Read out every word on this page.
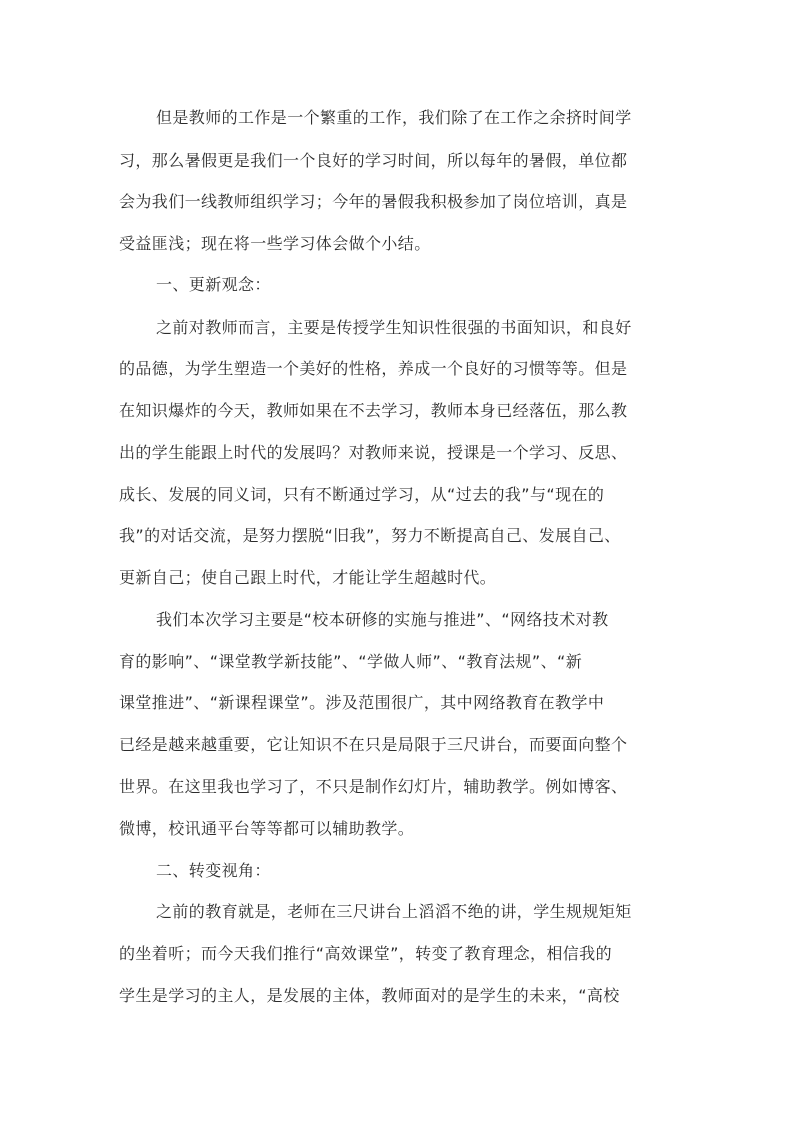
但是教师的工作是一个繁重的工作，我们除了在工作之余挤时间学
习，那么暑假更是我们一个良好的学习时间，所以每年的暑假，单位都
会为我们一线教师组织学习；今年的暑假我积极参加了岗位培训，真是
受益匪浅；现在将一些学习体会做个小结。
一、更新观念：
之前对教师而言，主要是传授学生知识性很强的书面知识，和良好
的品德，为学生塑造一个美好的性格，养成一个良好的习惯等等。但是
在知识爆炸的今天，教师如果在不去学习，教师本身已经落伍，那么教
出的学生能跟上时代的发展吗？对教师来说，授课是一个学习、反思、
成长、发展的同义词，只有不断通过学习，从“过去的我”与“现在的
我”的对话交流，是努力摆脱“旧我”，努力不断提高自己、发展自己、
更新自己；使自己跟上时代，才能让学生超越时代。
我们本次学习主要是“校本研修的实施与推进”、“网络技术对教
育的影响”、“课堂教学新技能”、“学做人师”、“教育法规”、“新
课堂推进”、“新课程课堂”。涉及范围很广，其中网络教育在教学中
已经是越来越重要，它让知识不在只是局限于三尺讲台，而要面向整个
世界。在这里我也学习了，不只是制作幻灯片，辅助教学。例如博客、
微博，校讯通平台等等都可以辅助教学。
二、转变视角：
之前的教育就是，老师在三尺讲台上滔滔不绝的讲，学生规规矩矩
的坐着听；而今天我们推行“高效课堂”，转变了教育理念，相信我的
学生是学习的主人，是发展的主体，教师面对的是学生的未来，“高校
